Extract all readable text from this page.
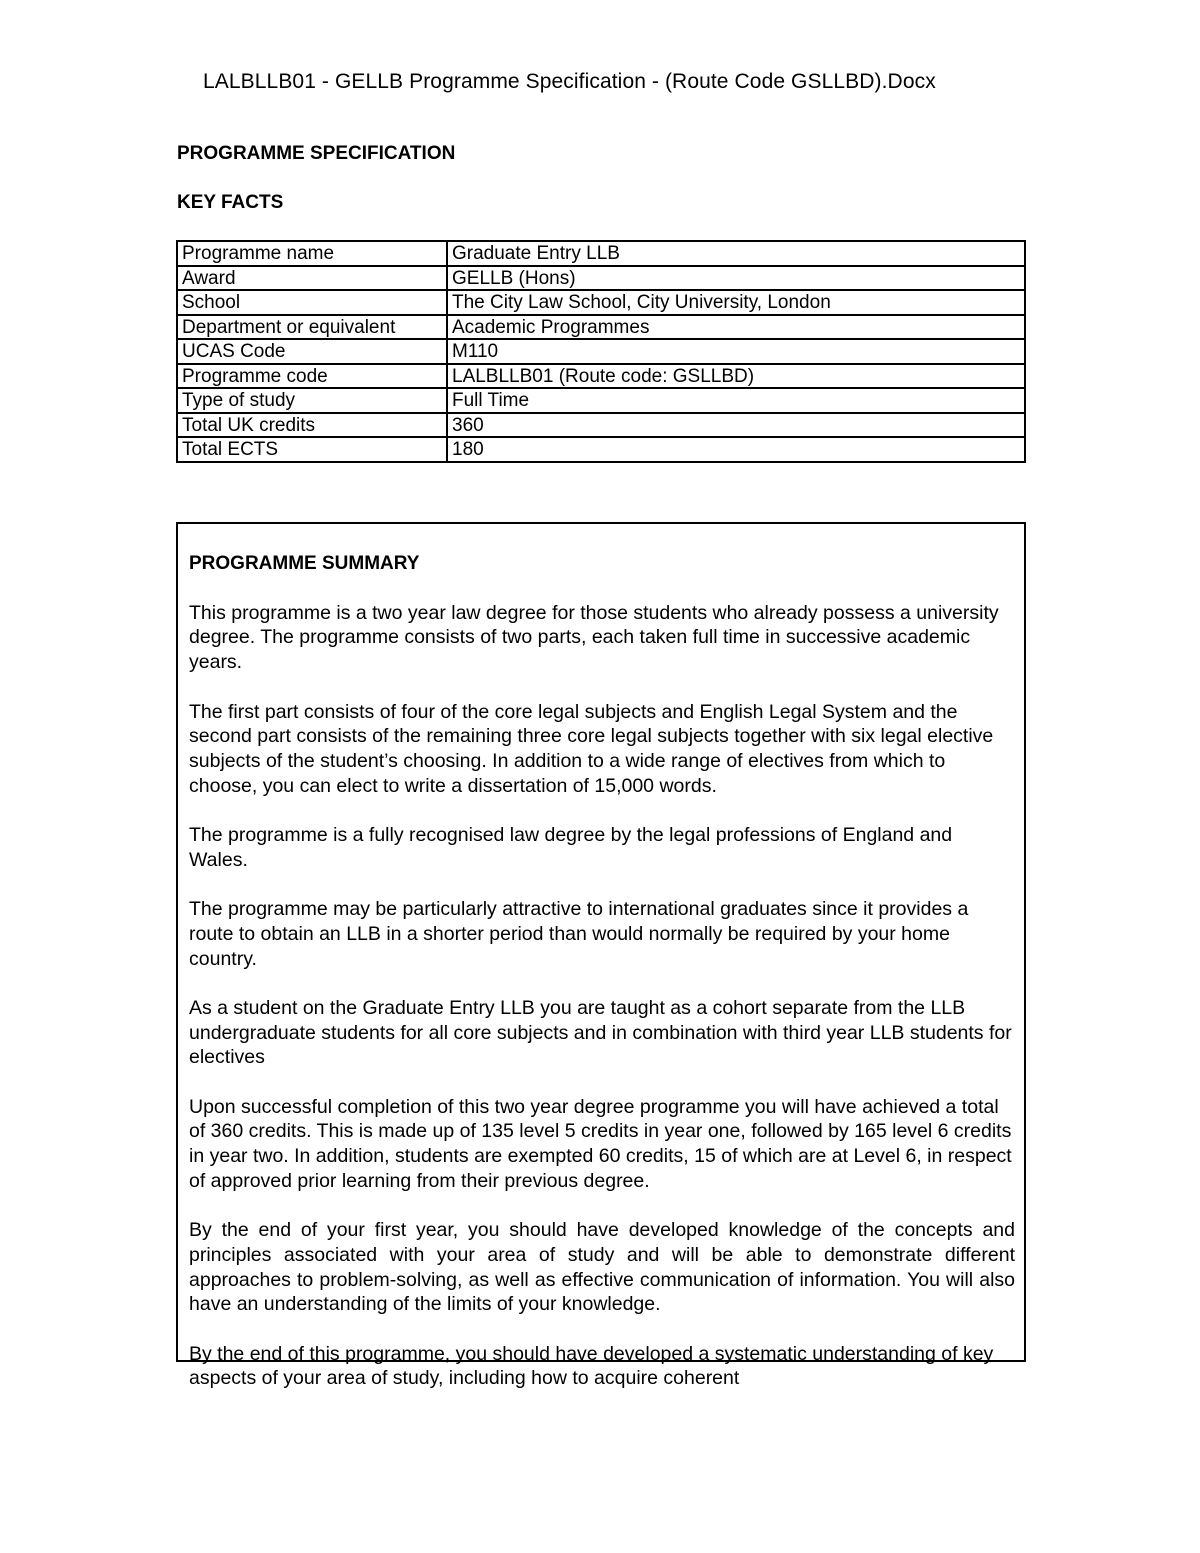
LALBLLB01 - GELLB Programme Specification - (Route Code GSLLBD).Docx
PROGRAMME SPECIFICATION
KEY FACTS
Programme name	Graduate Entry LLB
Award	GELLB (Hons)
School	The City Law School, City University, London
Department or equivalent	Academic Programmes
UCAS Code	M110
Programme code	LALBLLB01 (Route code: GSLLBD)
Type of study	Full Time
Total UK credits	360
Total ECTS	180
PROGRAMME SUMMARY

This programme is a two year law degree for those students who already possess a university degree. The programme consists of two parts, each taken full time in successive academic years.

The first part consists of four of the core legal subjects and English Legal System and the second part consists of the remaining three core legal subjects together with six legal elective subjects of the student’s choosing. In addition to a wide range of electives from which to choose, you can elect to write a dissertation of 15,000 words.

The programme is a fully recognised law degree by the legal professions of England and Wales.

The programme may be particularly attractive to international graduates since it provides a route to obtain an LLB in a shorter period than would normally be required by your home country.

As a student on the Graduate Entry LLB you are taught as a cohort separate from the LLB undergraduate students for all core subjects and in combination with third year LLB students for electives

Upon successful completion of this two year degree programme you will have achieved a total of 360 credits. This is made up of 135 level 5 credits in year one, followed by 165 level 6 credits in year two. In addition, students are exempted 60 credits, 15 of which are at Level 6, in respect of approved prior learning from their previous degree.

By the end of your first year, you should have developed knowledge of the concepts and principles associated with your area of study and will be able to demonstrate different approaches to problem-solving, as well as effective communication of information. You will also have an understanding of the limits of your knowledge.

By the end of this programme, you should have developed a systematic understanding of key aspects of your area of study, including how to acquire coherent
